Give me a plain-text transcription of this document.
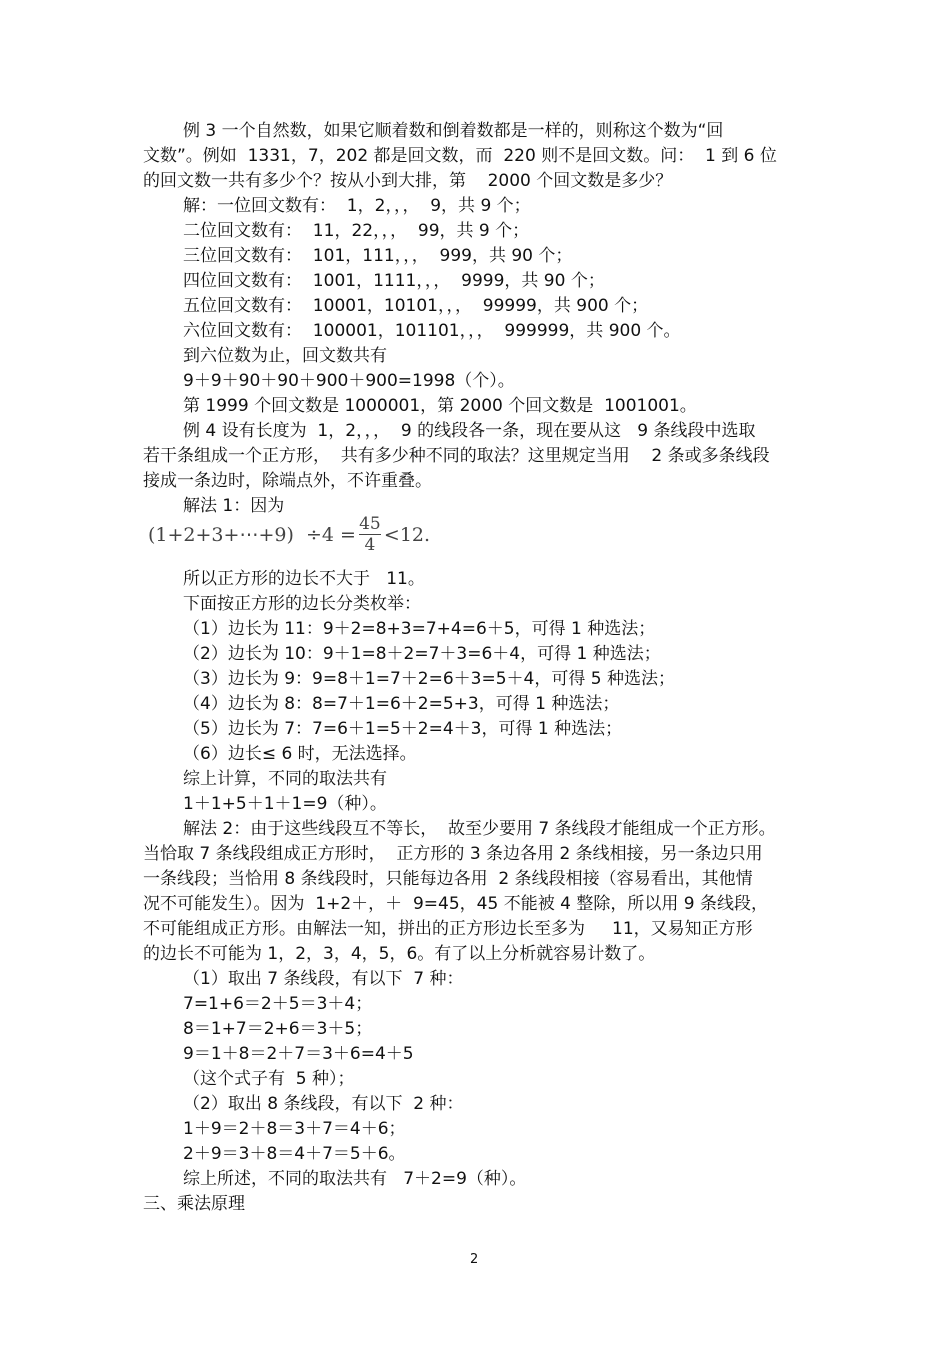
例 3 一个自然数，如果它顺着数和倒着数都是一样的，则称这个数为“回
文数”。例如  1331，7，202 都是回文数，而  220 则不是回文数。问：  1 到 6 位
的回文数一共有多少个？按从小到大排，第    2000 个回文数是多少？
解：一位回文数有：  1，2，，，  9，共 9 个；
二位回文数有：  11，22，，，  99，共 9 个；
三位回文数有：  101，111，，，  999，共 90 个；
四位回文数有：  1001，1111，，，  9999，共 90 个；
五位回文数有：  10001，10101，，，  99999，共 900 个；
六位回文数有：  100001，101101，，，  999999，共 900 个。
到六位数为止，回文数共有
9＋9＋90＋90＋900＋900=1998（个）。
第 1999 个回文数是 1000001，第 2000 个回文数是  1001001。
例 4 设有长度为  1，2，，，  9 的线段各一条，现在要从这   9 条线段中选取
若干条组成一个正方形，  共有多少种不同的取法？这里规定当用    2 条或多条线段
接成一条边时，除端点外，不许重叠。
解法 1：因为
所以正方形的边长不大于   11。
下面按正方形的边长分类枚举：
（1）边长为 11：9＋2=8+3=7+4=6＋5，可得 1 种选法；
（2）边长为 10：9＋1=8＋2=7＋3=6＋4，可得 1 种选法；
（3）边长为 9：9=8＋1=7＋2=6＋3=5＋4，可得 5 种选法；
（4）边长为 8：8=7＋1=6＋2=5+3，可得 1 种选法；
（5）边长为 7：7=6＋1=5＋2=4＋3，可得 1 种选法；
（6）边长≤ 6 时，无法选择。
综上计算，不同的取法共有
1＋1+5＋1＋1=9（种）。
解法 2：由于这些线段互不等长，  故至少要用 7 条线段才能组成一个正方形。
当恰取 7 条线段组成正方形时，  正方形的 3 条边各用 2 条线相接，另一条边只用
一条线段；当恰用 8 条线段时，只能每边各用  2 条线段相接（容易看出，其他情
况不可能发生）。因为  1+2＋，＋  9=45，45 不能被 4 整除，所以用 9 条线段，
不可能组成正方形。由解法一知，拼出的正方形边长至多为     11，又易知正方形
的边长不可能为 1，2，3，4，5，6。有了以上分析就容易计数了。
（1）取出 7 条线段，有以下  7 种：
7=1+6＝2＋5＝3＋4；
8＝1+7＝2+6＝3＋5；
9＝1＋8＝2＋7＝3＋6=4＋5
（这个式子有  5 种）；
（2）取出 8 条线段，有以下  2 种：
1＋9＝2＋8＝3＋7＝4＋6；
2＋9＝3＋8＝4＋7＝5＋6。
综上所述，不同的取法共有   7＋2=9（种）。
三、乘法原理
(1+2+3+⋯+9)  $\div 4 = \frac{45}{4} <12$.
2
